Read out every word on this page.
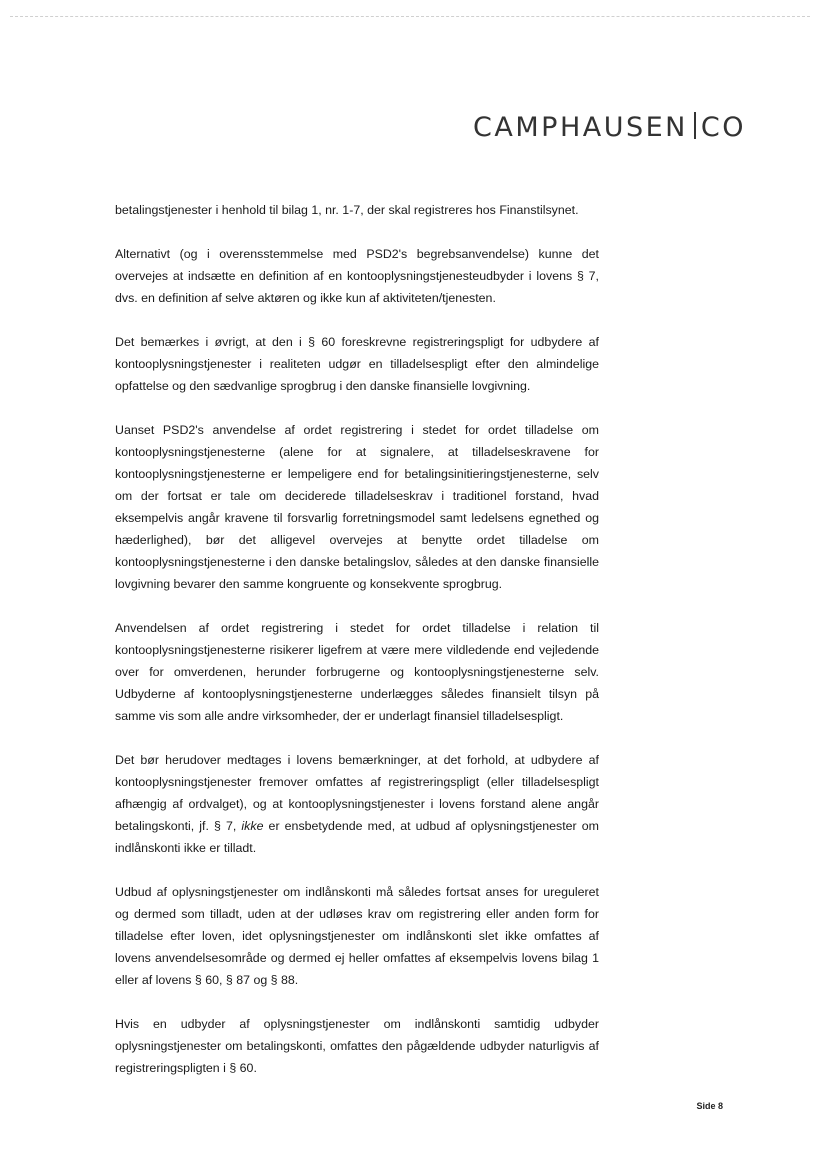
CAMPHAUSEN CO

betalingstjenester i henhold til bilag 1, nr. 1-7, der skal registreres hos Finanstilsynet.

Alternativt (og i overensstemmelse med PSD2's begrebsanvendelse) kunne det overvejes at indsætte en definition af en kontooplysningstjenesteudbyder i lovens § 7, dvs. en definition af selve aktøren og ikke kun af aktiviteten/tjenesten.

Det bemærkes i øvrigt, at den i § 60 foreskrevne registreringspligt for udbydere af kontooplysningstjenester i realiteten udgør en tilladelsespligt efter den almindelige opfattelse og den sædvanlige sprogbrug i den danske finansielle lovgivning.

Uanset PSD2's anvendelse af ordet registrering i stedet for ordet tilladelse om kontooplysningstjenesterne (alene for at signalere, at tilladelseskravene for kontooplysningstjenesterne er lempeligere end for betalingsinitieringstjenesterne, selv om der fortsat er tale om deciderede tilladelseskrav i traditionel forstand, hvad eksempelvis angår kravene til forsvarlig forretningsmodel samt ledelsens egnethed og hæderlighed), bør det alligevel overvejes at benytte ordet tilladelse om kontooplysningstjenesterne i den danske betalingslov, således at den danske finansielle lovgivning bevarer den samme kongruente og konsekvente sprogbrug.

Anvendelsen af ordet registrering i stedet for ordet tilladelse i relation til kontooplysningstjenesterne risikerer ligefrem at være mere vildledende end vejledende over for omverdenen, herunder forbrugerne og kontooplysningstjenesterne selv. Udbyderne af kontooplysningstjenesterne underlægges således finansielt tilsyn på samme vis som alle andre virksomheder, der er underlagt finansiel tilladelsespligt.

Det bør herudover medtages i lovens bemærkninger, at det forhold, at udbydere af kontooplysningstjenester fremover omfattes af registreringspligt (eller tilladelsespligt afhængig af ordvalget), og at kontooplysningstjenester i lovens forstand alene angår betalingskonti, jf. § 7, ikke er ensbetydende med, at udbud af oplysningstjenester om indlånskonti ikke er tilladt.

Udbud af oplysningstjenester om indlånskonti må således fortsat anses for ureguleret og dermed som tilladt, uden at der udløses krav om registrering eller anden form for tilladelse efter loven, idet oplysningstjenester om indlånskonti slet ikke omfattes af lovens anvendelsesområde og dermed ej heller omfattes af eksempelvis lovens bilag 1 eller af lovens § 60, § 87 og § 88.

Hvis en udbyder af oplysningstjenester om indlånskonti samtidig udbyder oplysningstjenester om betalingskonti, omfattes den pågældende udbyder naturligvis af registreringspligten i § 60.

Side 8
